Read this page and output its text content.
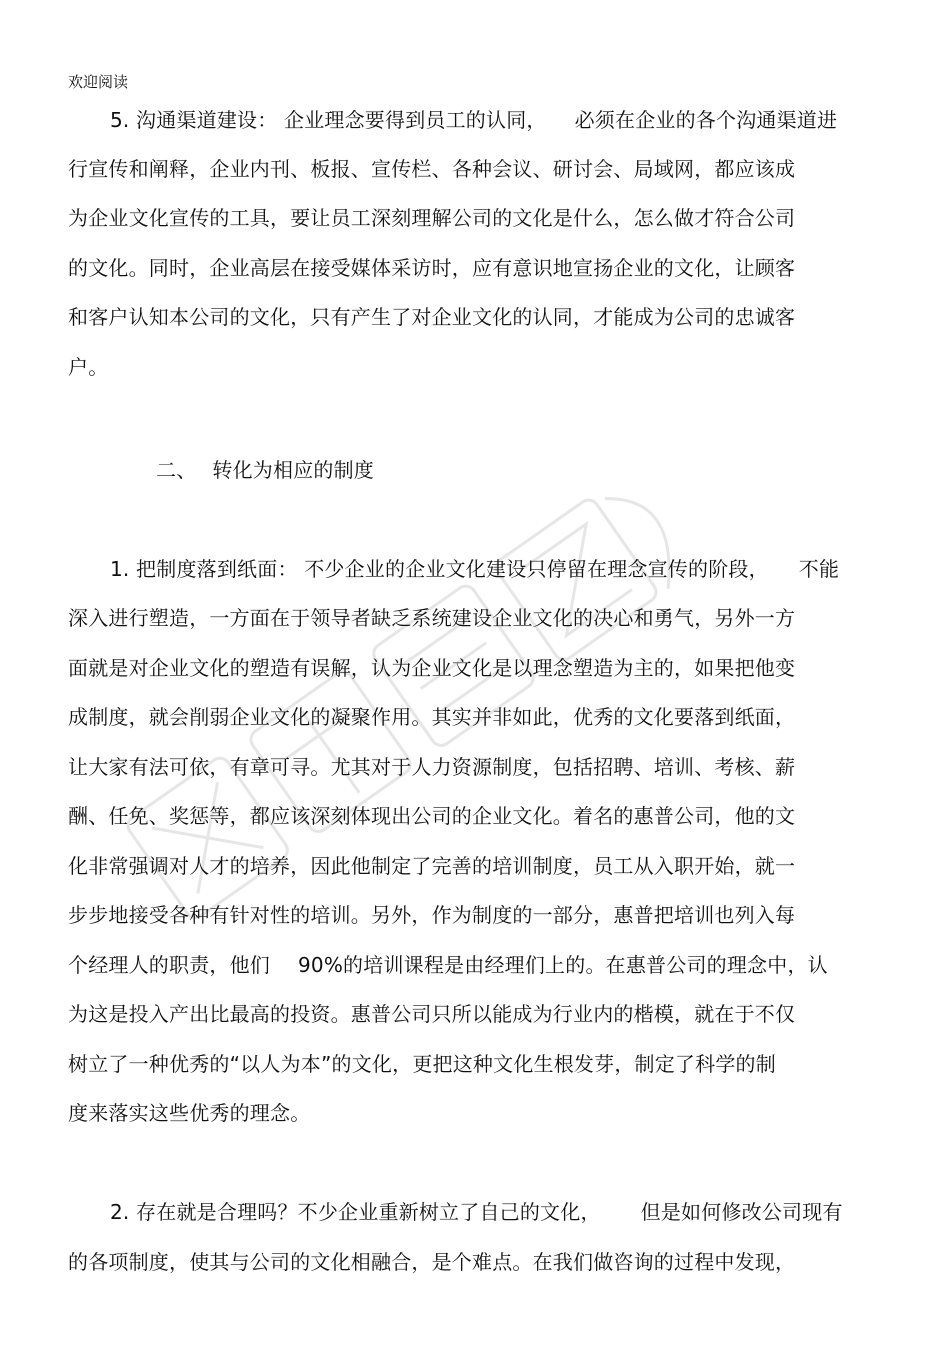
欢迎阅读
5. 沟通渠道建设： 企业理念要得到员工的认同， 必须在企业的各个沟通渠道进
行宣传和阐释，企业内刊、板报、宣传栏、各种会议、研讨会、局域网，都应该成
为企业文化宣传的工具，要让员工深刻理解公司的文化是什么，怎么做才符合公司
的文化。同时，企业高层在接受媒体采访时，应有意识地宣扬企业的文化，让顾客
和客户认知本公司的文化，只有产生了对企业文化的认同，才能成为公司的忠诚客
户。
二、 转化为相应的制度
1. 把制度落到纸面： 不少企业的企业文化建设只停留在理念宣传的阶段， 不能
深入进行塑造，一方面在于领导者缺乏系统建设企业文化的决心和勇气，另外一方
面就是对企业文化的塑造有误解，认为企业文化是以理念塑造为主的，如果把他变
成制度，就会削弱企业文化的凝聚作用。其实并非如此，优秀的文化要落到纸面，
让大家有法可依，有章可寻。尤其对于人力资源制度，包括招聘、培训、考核、薪
酬、任免、奖惩等，都应该深刻体现出公司的企业文化。着名的惠普公司，他的文
化非常强调对人才的培养，因此他制定了完善的培训制度，员工从入职开始，就一
步步地接受各种有针对性的培训。另外，作为制度的一部分，惠普把培训也列入每
个经理人的职责，他们 90%的培训课程是由经理们上的。在惠普公司的理念中，认
为这是投入产出比最高的投资。惠普公司只所以能成为行业内的楷模，就在于不仅
树立了一种优秀的“以人为本”的文化，更把这种文化生根发芽，制定了科学的制
度来落实这些优秀的理念。
2. 存在就是合理吗？不少企业重新树立了自己的文化， 但是如何修改公司现有
的各项制度，使其与公司的文化相融合，是个难点。在我们做咨询的过程中发现，
